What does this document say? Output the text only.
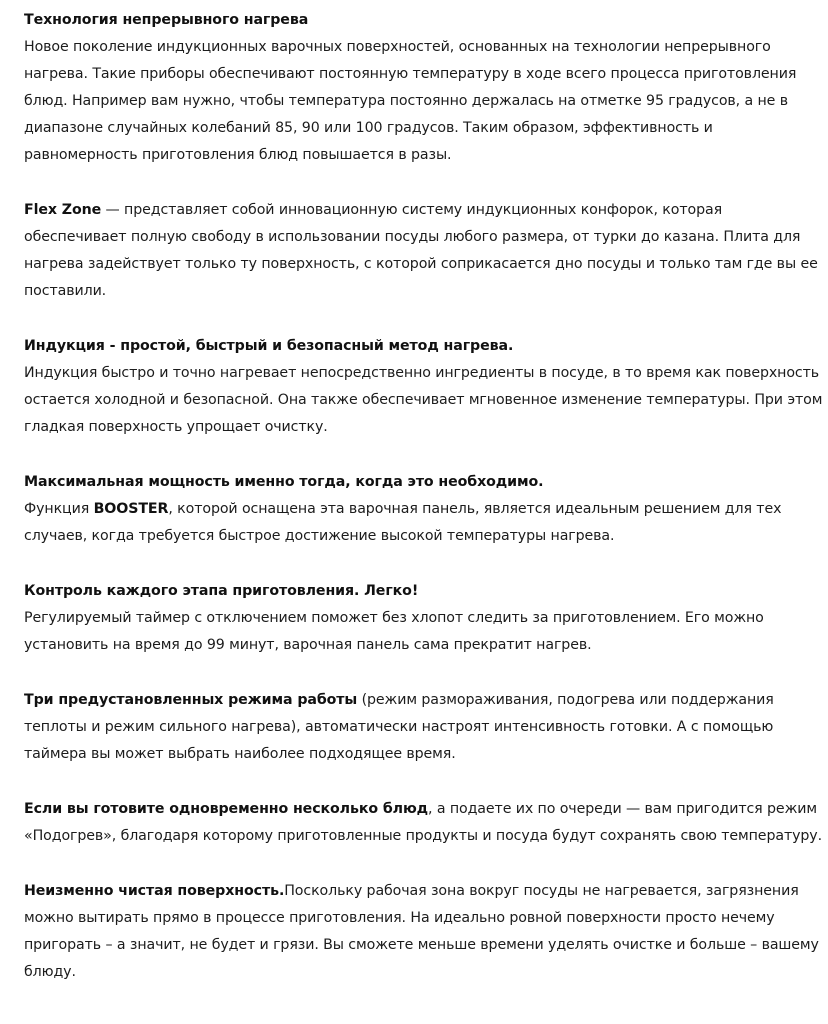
Технология непрерывного нагрева

Новое поколение индукционных варочных поверхностей, основанных на технологии непрерывного нагрева. Такие приборы обеспечивают постоянную температуру в ходе всего процесса приготовления блюд. Например вам нужно, чтобы температура постоянно держалась на отметке 95 градусов, а не в диапазоне случайных колебаний 85, 90 или 100 градусов. Таким образом, эффективность и равномерность приготовления блюд повышается в разы.

Flex Zone — представляет собой инновационную систему индукционных конфорок, которая обеспечивает полную свободу в использовании посуды любого размера, от турки до казана. Плита для нагрева задействует только ту поверхность, с которой соприкасается дно посуды и только там где вы ее поставили.

Индукция - простой, быстрый и безопасный метод нагрева.

Индукция быстро и точно нагревает непосредственно ингредиенты в посуде, в то время как поверхность остается холодной и безопасной. Она также обеспечивает мгновенное изменение температуры. При этом гладкая поверхность упрощает очистку.

Максимальная мощность именно тогда, когда это необходимо.

Функция BOOSTER, которой оснащена эта варочная панель, является идеальным решением для тех случаев, когда требуется быстрое достижение высокой температуры нагрева.

Контроль каждого этапа приготовления. Легко!

Регулируемый таймер с отключением поможет без хлопот следить за приготовлением. Его можно установить на время до 99 минут, варочная панель сама прекратит нагрев.

Три предустановленных режима работы (режим размораживания, подогрева или поддержания теплоты и режим сильного нагрева), автоматически настроят интенсивность готовки. А с помощью таймера вы может выбрать наиболее подходящее время.

Если вы готовите одновременно несколько блюд, а подаете их по очереди — вам пригодится режим «Подогрев», благодаря которому приготовленные продукты и посуда будут сохранять свою температуру.

Неизменно чистая поверхность.Поскольку рабочая зона вокруг посуды не нагревается, загрязнения можно вытирать прямо в процессе приготовления. На идеально ровной поверхности просто нечему пригорать – а значит, не будет и грязи. Вы сможете меньше времени уделять очистке и больше – вашему блюду.
